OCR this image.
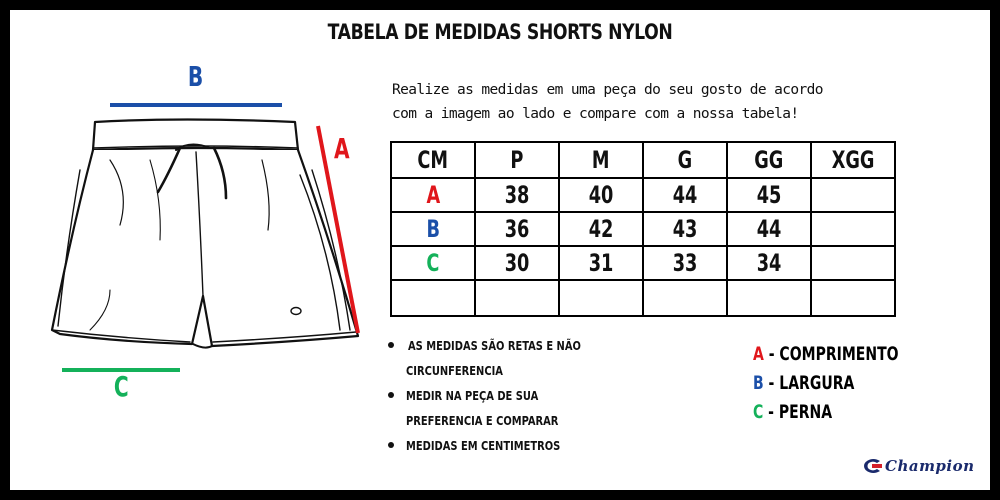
TABELA DE MEDIDAS SHORTS NYLON
Realize as medidas em uma peça do seu gosto de acordo
com a imagem ao lado e compare com a nossa tabela!
B
A
C
CM	P	M	G	GG	XGG
A	38	40	44	45	
B	36	42	43	44	
C	30	31	33	34	

AS MEDIDAS SÃO RETAS E NÃO
CIRCUNFERENCIA
MEDIR NA PEÇA DE SUA
PREFERENCIA E COMPARAR
MEDIDAS EM CENTIMETROS
A - COMPRIMENTO
B - LARGURA
C - PERNA
Champion
